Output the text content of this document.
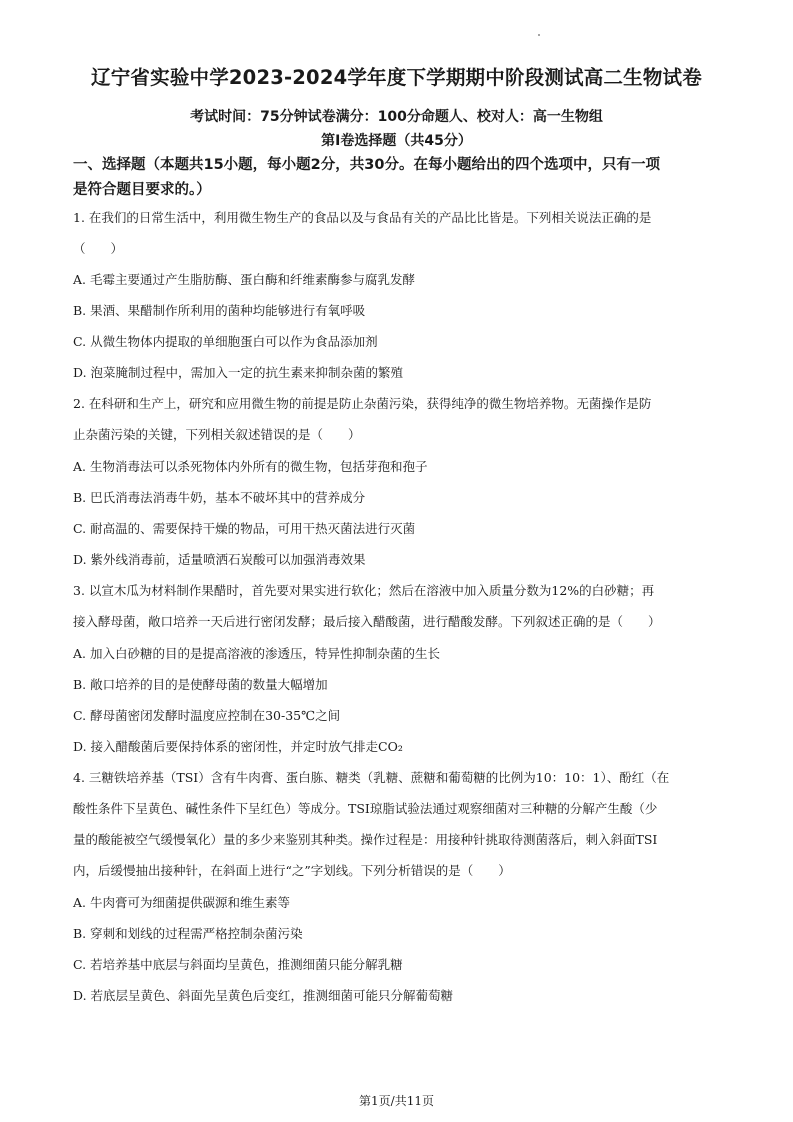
辽宁省实验中学2023-2024学年度下学期期中阶段测试高二生物试卷
考试时间：75分钟试卷满分：100分命题人、校对人：高一生物组
第I卷选择题（共45分）
一、选择题（本题共15小题，每小题2分，共30分。在每小题给出的四个选项中，只有一项
是符合题目要求的。）
1. 在我们的日常生活中，利用微生物生产的食品以及与食品有关的产品比比皆是。下列相关说法正确的是
（　　）
A. 毛霉主要通过产生脂肪酶、蛋白酶和纤维素酶参与腐乳发酵
B. 果酒、果醋制作所利用的菌种均能够进行有氧呼吸
C. 从微生物体内提取的单细胞蛋白可以作为食品添加剂
D. 泡菜腌制过程中，需加入一定的抗生素来抑制杂菌的繁殖
2. 在科研和生产上，研究和应用微生物的前提是防止杂菌污染，获得纯净的微生物培养物。无菌操作是防
止杂菌污染的关键，下列相关叙述错误的是（　　）
A. 生物消毒法可以杀死物体内外所有的微生物，包括芽孢和孢子
B. 巴氏消毒法消毒牛奶，基本不破坏其中的营养成分
C. 耐高温的、需要保持干燥的物品，可用干热灭菌法进行灭菌
D. 紫外线消毒前，适量喷洒石炭酸可以加强消毒效果
3. 以宣木瓜为材料制作果醋时，首先要对果实进行软化；然后在溶液中加入质量分数为12%的白砂糖；再
接入酵母菌，敞口培养一天后进行密闭发酵；最后接入醋酸菌，进行醋酸发酵。下列叙述正确的是（　　）
A. 加入白砂糖的目的是提高溶液的渗透压，特异性抑制杂菌的生长
B. 敞口培养的目的是使酵母菌的数量大幅增加
C. 酵母菌密闭发酵时温度应控制在30-35℃之间
D. 接入醋酸菌后要保持体系的密闭性，并定时放气排走CO₂
4. 三糖铁培养基（TSI）含有牛肉膏、蛋白胨、糖类（乳糖、蔗糖和葡萄糖的比例为10：10：1）、酚红（在
酸性条件下呈黄色、碱性条件下呈红色）等成分。TSI琼脂试验法通过观察细菌对三种糖的分解产生酸（少
量的酸能被空气缓慢氧化）量的多少来鉴别其种类。操作过程是：用接种针挑取待测菌落后，刺入斜面TSI
内，后缓慢抽出接种针，在斜面上进行“之”字划线。下列分析错误的是（　　）
A. 牛肉膏可为细菌提供碳源和维生素等
B. 穿刺和划线的过程需严格控制杂菌污染
C. 若培养基中底层与斜面均呈黄色，推测细菌只能分解乳糖
D. 若底层呈黄色、斜面先呈黄色后变红，推测细菌可能只分解葡萄糖
第1页/共11页
